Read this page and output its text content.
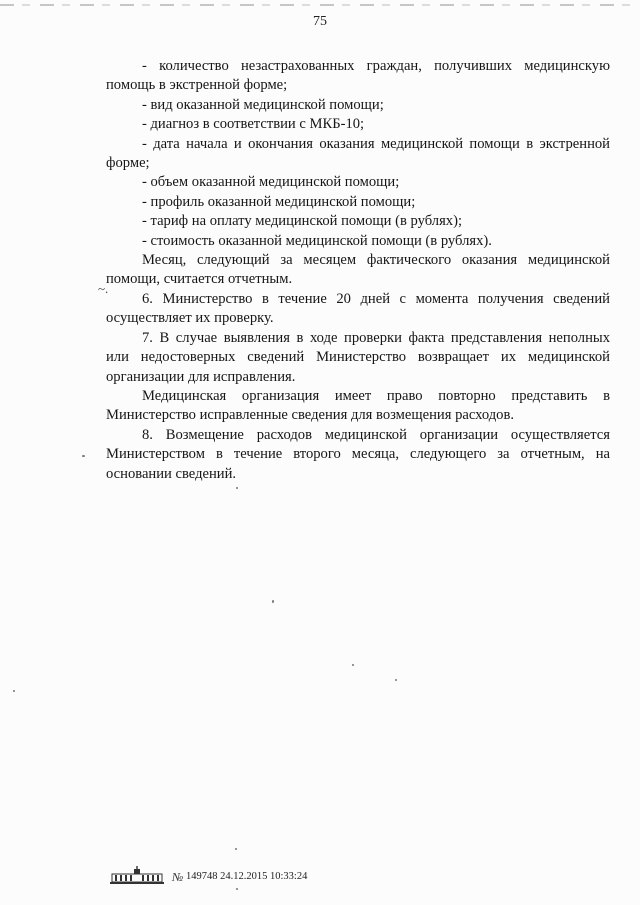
75

- количество незастрахованных граждан, получивших медицинскую помощь в экстренной форме;

- вид оказанной медицинской помощи;

- диагноз в соответствии с МКБ-10;

- дата начала и окончания оказания медицинской помощи в экстренной форме;

- объем оказанной медицинской помощи;

- профиль оказанной медицинской помощи;

- тариф на оплату медицинской помощи (в рублях);

- стоимость оказанной медицинской помощи (в рублях).

Месяц, следующий за месяцем фактического оказания медицинской помощи, считается отчетным.

6. Министерство в течение 20 дней с момента получения сведений осуществляет их проверку.

7. В случае выявления в ходе проверки факта представления неполных или недостоверных сведений Министерство возвращает их медицинской организации для исправления.

Медицинская организация имеет право повторно представить в Министерство исправленные сведения для возмещения расходов.

8. Возмещение расходов медицинской организации осуществляется Министерством в течение второго месяца, следующего за отчетным, на основании сведений.

~.
№ 149748 24.12.2015 10:33:24
